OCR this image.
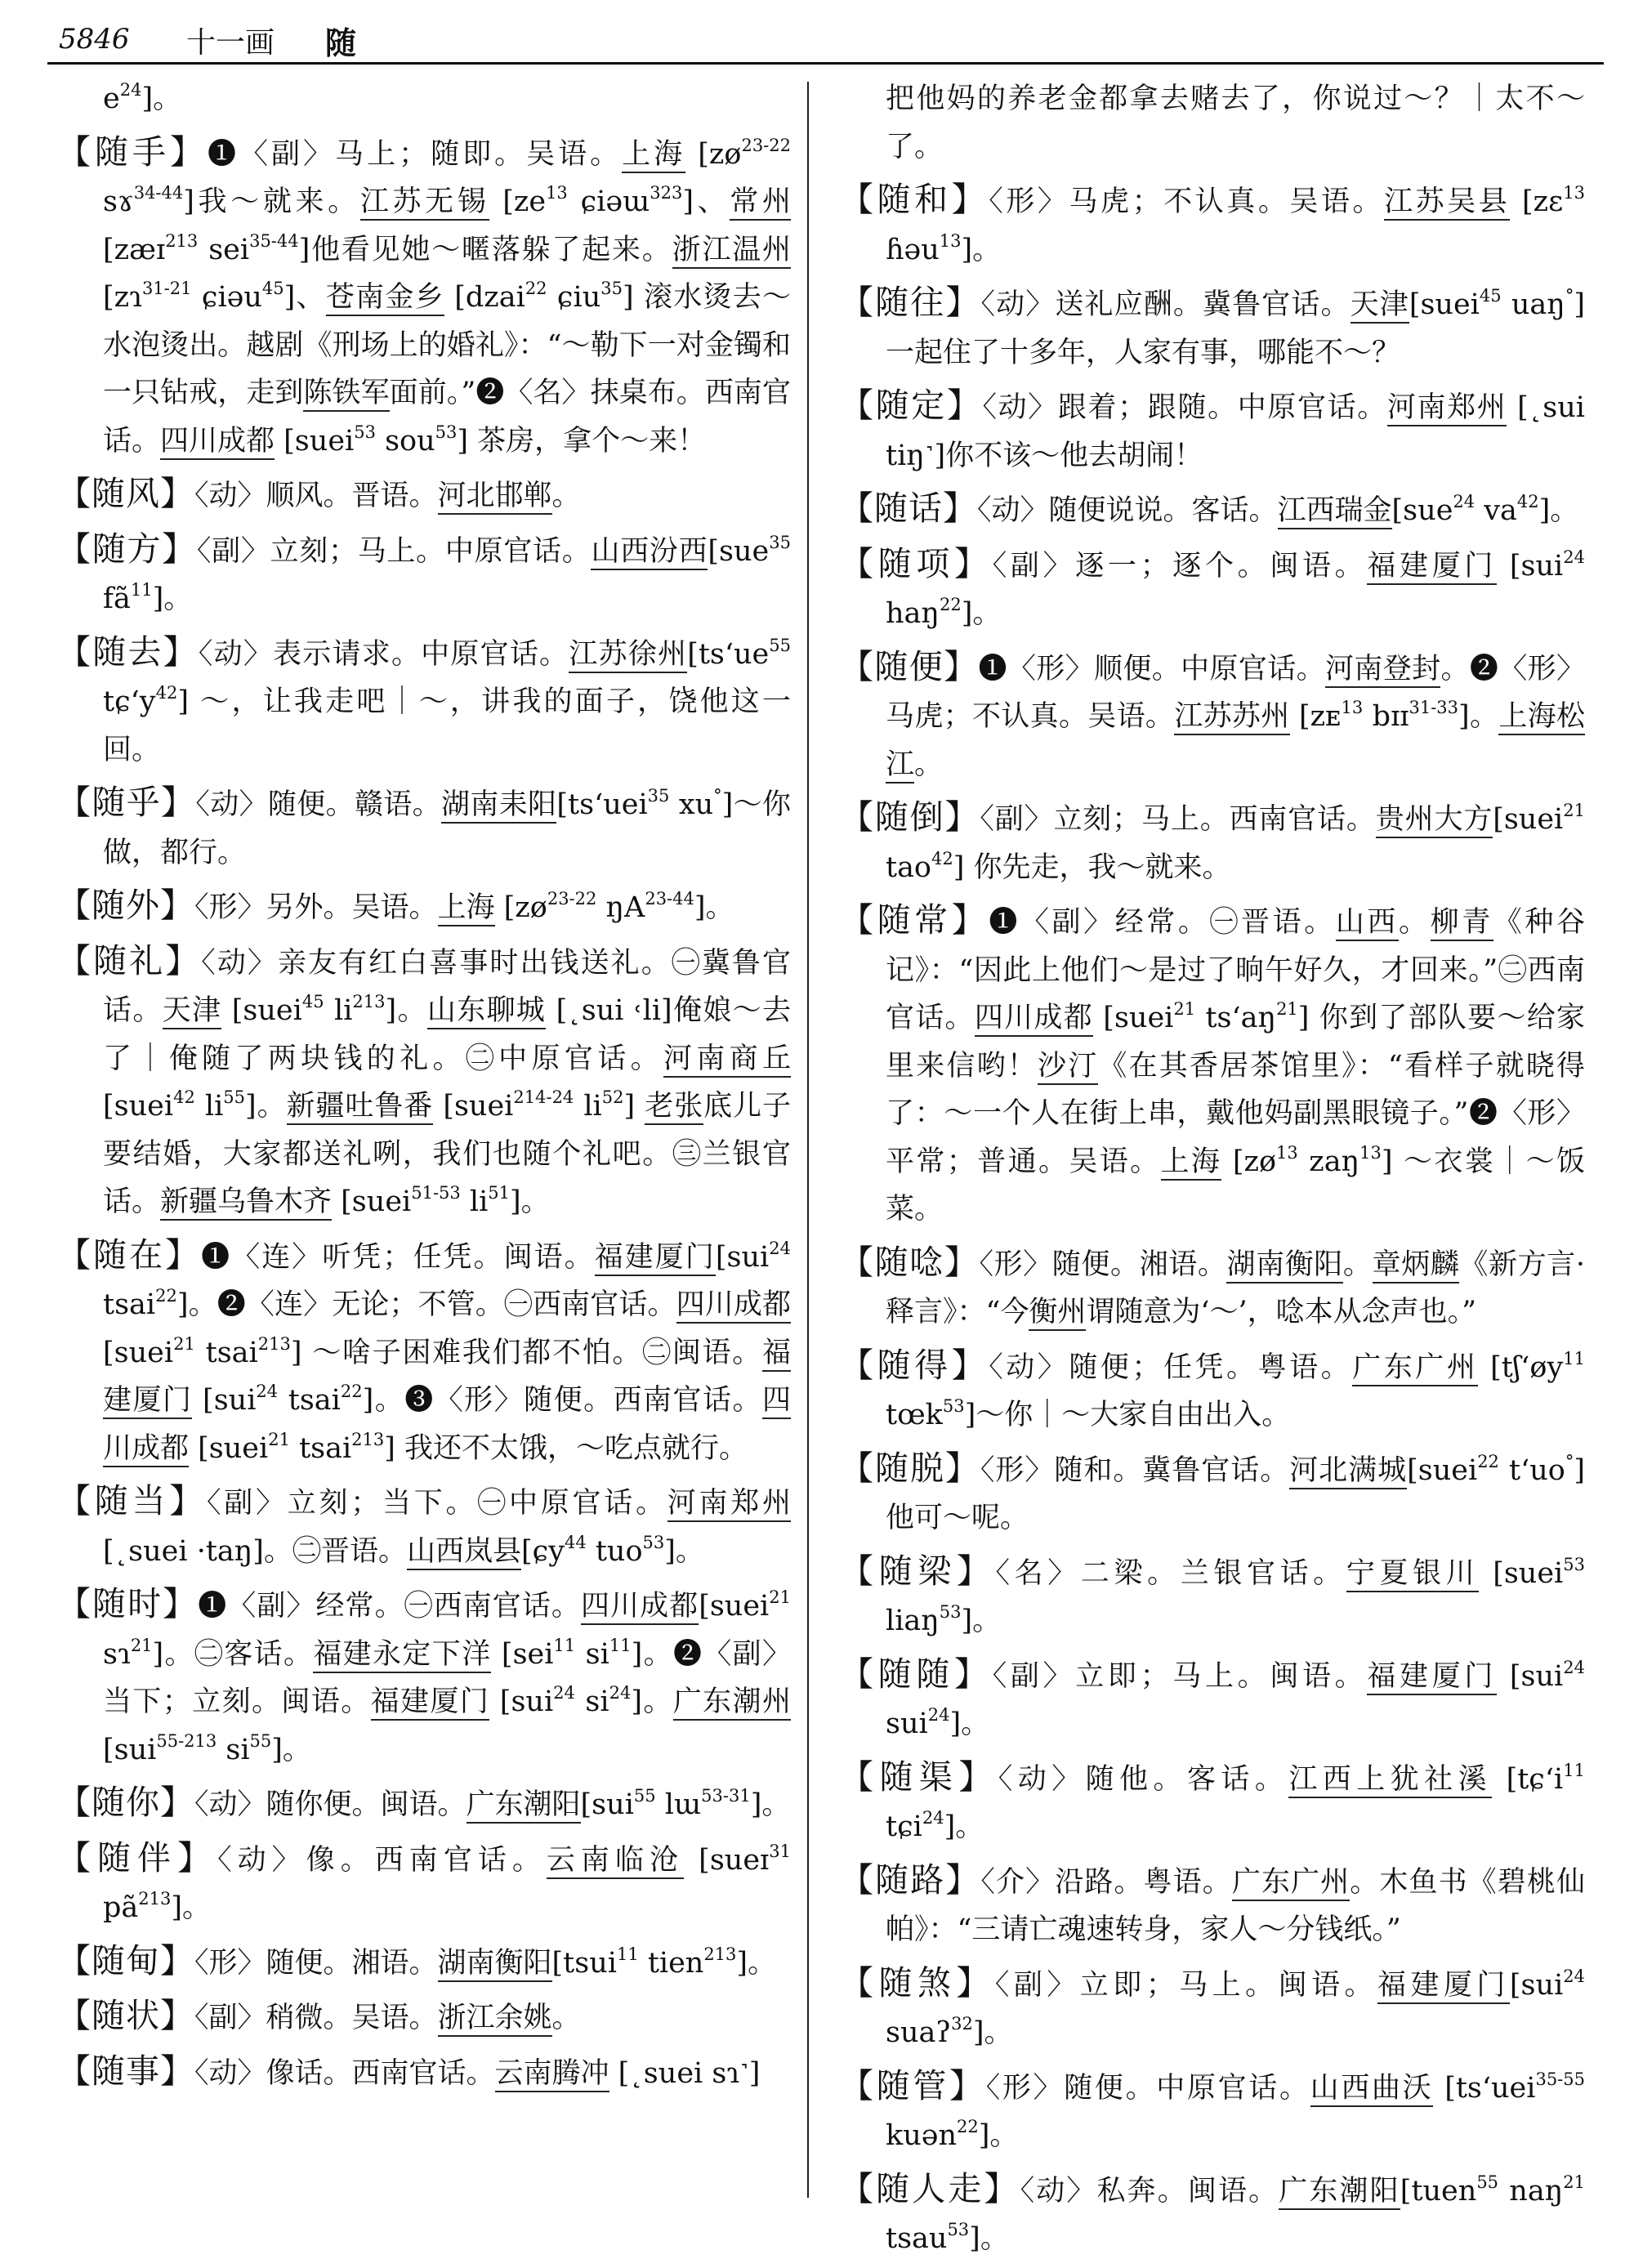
5846 十一画 随
$e^{24}$]。
【随手】❶〈副〉马上；随即。吴语。上海 [$zø^{23-22}$ sɤ$^{34-44}$]我～就来。江苏无锡 [$ze^{13}$ ɕiəɯ$^{323}$]、常州 [zæɪ$^{213}$ sei$^{35-44}$]他看见她～暱落躲了起来。浙江温州 [zɿ$^{31-21}$ ɕiəu$^{45}$]、苍南金乡 [dzai$^{22}$ ɕiu$^{35}$] 滚水烫去～水泡烫出。越剧《刑场上的婚礼》：“～勒下一对金镯和一只钻戒，走到陈铁军面前。”❷〈名〉抹桌布。西南官话。四川成都 [suei$^{53}$ sou$^{53}$] 茶房，拿个～来！
【随风】〈动〉顺风。晋语。河北邯郸。
【随方】〈副〉立刻；马上。中原官话。山西汾西[sue$^{35}$ $fã^{11}$]。
【随去】〈动〉表示请求。中原官话。江苏徐州[$ts‘ue^{55}$ $tɕ‘y^{42}$] ～，让我走吧｜～，讲我的面子，饶他这一回。
【随乎】〈动〉随便。赣语。湖南耒阳[ts‘uei$^{35}$ xu°]～你做，都行。
【随外】〈形〉另外。吴语。上海 [$zø^{23-22}$ $ŋA^{23-44}$]。
【随礼】〈动〉亲友有红白喜事时出钱送礼。㊀冀鲁官话。天津 [suei$^{45}$ $li^{213}$]。山东聊城 [˛sui ˓li]俺娘～去了｜俺随了两块钱的礼。㊁中原官话。河南商丘 [suei$^{42}$ $li^{55}$]。新疆吐鲁番 [suei$^{214-24}$ $li^{52}$] 老张底儿子要结婚，大家都送礼咧，我们也随个礼吧。㊂兰银官话。新疆乌鲁木齐 [suei$^{51-53}$ $li^{51}$]。
【随在】❶〈连〉听凭；任凭。闽语。福建厦门[sui$^{24}$ tsai$^{22}$]。❷〈连〉无论；不管。㊀西南官话。四川成都 [suei$^{21}$ tsai$^{213}$] ～啥子困难我们都不怕。㊁闽语。福建厦门 [sui$^{24}$ tsai$^{22}$]。❸〈形〉随便。西南官话。四川成都 [suei$^{21}$ tsai$^{213}$] 我还不太饿，～吃点就行。
【随当】〈副〉立刻；当下。㊀中原官话。河南郑州 [˛suei ·taŋ]。㊁晋语。山西岚县[ɕy$^{44}$ tuo$^{53}$]。
【随时】❶〈副〉经常。㊀西南官话。四川成都[suei$^{21}$ sɿ$^{21}$]。㊁客话。福建永定下洋 [sei$^{11}$ $si^{11}$]。❷〈副〉当下；立刻。闽语。福建厦门 [sui$^{24}$ $si^{24}$]。广东潮州[sui$^{55-213}$ $si^{55}$]。
【随你】〈动〉随你便。闽语。广东潮阳[sui$^{55}$ lɯ$^{53-31}$]。
【随伴】〈动〉像。西南官话。云南临沧 [sueɪ$^{31}$ $pã^{213}$]。
【随甸】〈形〉随便。湘语。湖南衡阳[tsui$^{11}$ tien$^{213}$]。
【随状】〈副〉稍微。吴语。浙江余姚。
【随事】〈动〉像话。西南官话。云南腾冲 [˛suei sɿ˺]
把他妈的养老金都拿去赌去了，你说过～？｜太不～了。
【随和】〈形〉马虎；不认真。吴语。江苏吴县 [zɛ$^{13}$ ɦəu$^{13}$]。
【随往】〈动〉送礼应酬。冀鲁官话。天津[suei$^{45}$ uaŋ°]一起住了十多年，人家有事，哪能不～？
【随定】〈动〉跟着；跟随。中原官话。河南郑州 [˛sui tiŋ˺]你不该～他去胡闹！
【随话】〈动〉随便说说。客话。江西瑞金[sue$^{24}$ $va^{42}$]。
【随项】〈副〉逐一；逐个。闽语。福建厦门 [sui$^{24}$ haŋ$^{22}$]。
【随便】❶〈形〉顺便。中原官话。河南登封。❷〈形〉马虎；不认真。吴语。江苏苏州 [zᴇ$^{13}$ bɪɪ$^{31-33}$]。上海松江。
【随倒】〈副〉立刻；马上。西南官话。贵州大方[suei$^{21}$ tao$^{42}$] 你先走，我～就来。
【随常】❶〈副〉经常。㊀晋语。山西。柳青《种谷记》：“因此上他们～是过了晌午好久，才回来。”㊁西南官话。四川成都 [suei$^{21}$ $ts‘aŋ^{21}$] 你到了部队要～给家里来信哟！沙汀《在其香居茶馆里》：“看样子就晓得了：～一个人在街上串，戴他妈副黑眼镜子。”❷〈形〉平常；普通。吴语。上海 [$zø^{13}$ zaŋ$^{13}$] ～衣裳｜～饭菜。
【随唸】〈形〉随便。湘语。湖南衡阳。章炳麟《新方言·释言》：“今衡州谓随意为‘～’，唸本从念声也。”
【随得】〈动〉随便；任凭。粤语。广东广州 [$tʃ‘øy^{11}$ tœk$^{53}$]～你｜～大家自由出入。
【随脱】〈形〉随和。冀鲁官话。河北满城[suei$^{22}$ t‘uo°]他可～呢。
【随梁】〈名〉二梁。兰银官话。宁夏银川 [suei$^{53}$ liaŋ$^{53}$]。
【随随】〈副〉立即；马上。闽语。福建厦门 [sui$^{24}$ sui$^{24}$]。
【随渠】〈动〉随他。客话。江西上犹社溪 [$tɕ‘i^{11}$ tɕi$^{24}$]。
【随路】〈介〉沿路。粤语。广东广州。木鱼书《碧桃仙帕》：“三请亡魂速转身，家人～分钱纸。”
【随煞】〈副〉立即；马上。闽语。福建厦门[sui$^{24}$ suaʔ$^{32}$]。
【随管】〈形〉随便。中原官话。山西曲沃 [ts‘uei$^{35-55}$ kuən$^{22}$]。
【随人走】〈动〉私奔。闽语。广东潮阳[tuen$^{55}$ naŋ$^{21}$ tsau$^{53}$]。
